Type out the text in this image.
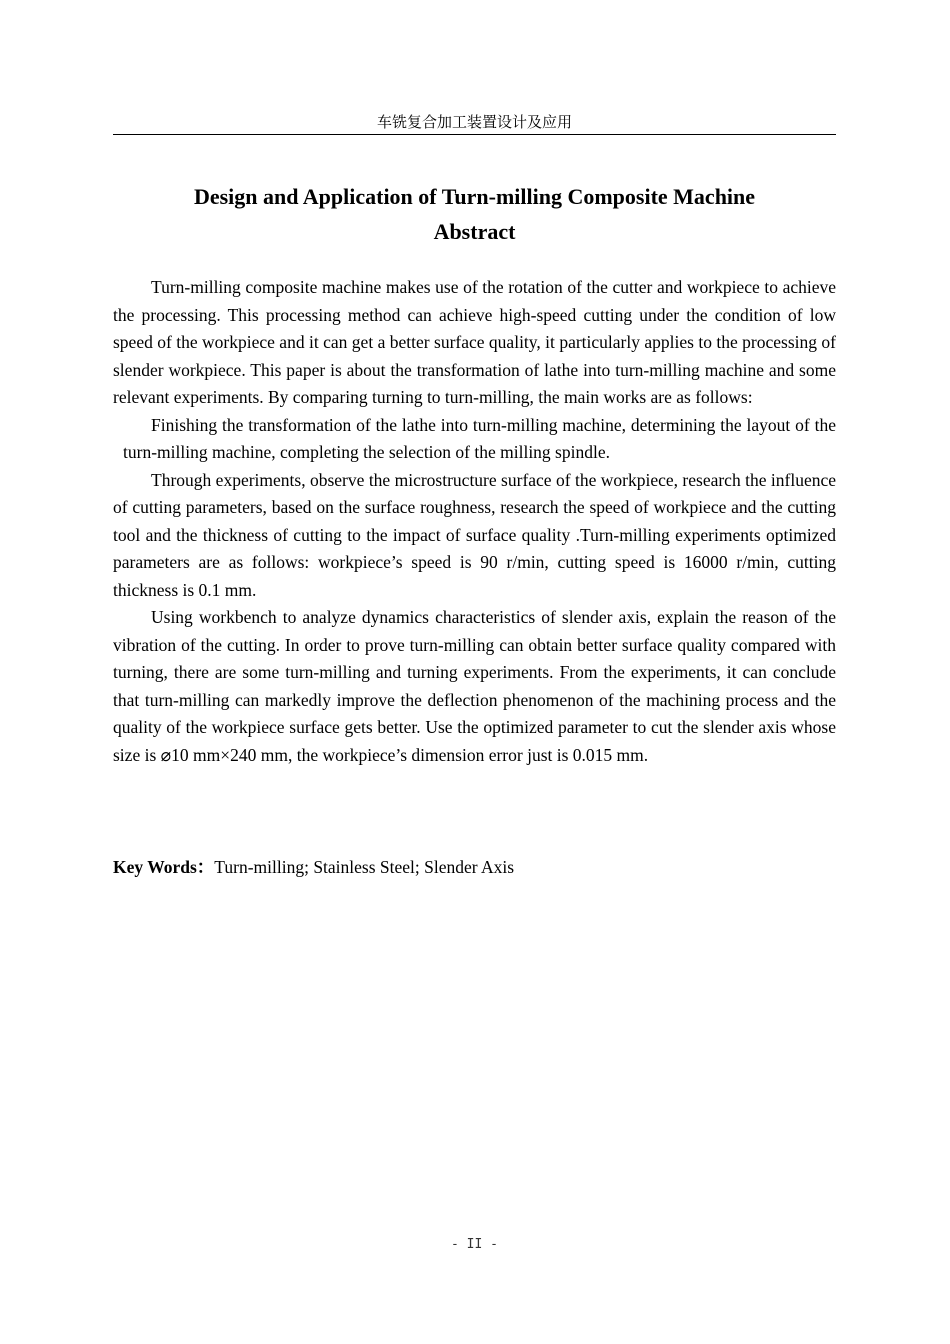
车铣复合加工装置设计及应用
Design and Application of Turn-milling Composite Machine
Abstract

Turn-milling composite machine makes use of the rotation of the cutter and workpiece to achieve the processing. This processing method can achieve high-speed cutting under the condition of low speed of the workpiece and it can get a better surface quality, it particularly applies to the processing of slender workpiece. This paper is about the transformation of lathe into turn-milling machine and some relevant experiments. By comparing turning to turn-milling, the main works are as follows:

Finishing the transformation of the lathe into turn-milling machine, determining the layout of the turn-milling machine, completing the selection of the milling spindle.

Through experiments, observe the microstructure surface of the workpiece, research the influence of cutting parameters, based on the surface roughness, research the speed of workpiece and the cutting tool and the thickness of cutting to the impact of surface quality .Turn-milling experiments optimized parameters are as follows: workpiece’s speed is 90 r/min, cutting speed is 16000 r/min, cutting thickness is 0.1 mm.

Using workbench to analyze dynamics characteristics of slender axis, explain the reason of the vibration of the cutting. In order to prove turn-milling can obtain better surface quality compared with turning, there are some turn-milling and turning experiments. From the experiments, it can conclude that turn-milling can markedly improve the deflection phenomenon of the machining process and the quality of the workpiece surface gets better. Use the optimized parameter to cut the slender axis whose size is ⌀10 mm×240 mm, the workpiece’s dimension error just is 0.015 mm.

Key Words：Turn-milling; Stainless Steel; Slender Axis
- II -
